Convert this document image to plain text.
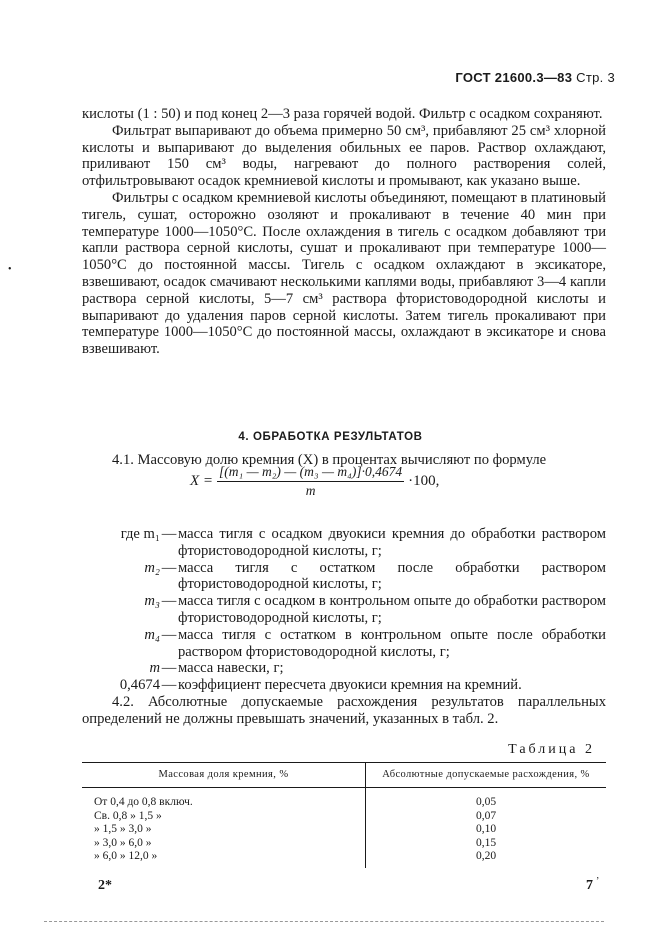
ГОСТ 21600.3—83 Стр. 3

кислоты (1 : 50) и под конец 2—3 раза горячей водой. Фильтр с осадком сохраняют.

Фильтрат выпаривают до объема примерно 50 см³, прибавляют 25 см³ хлорной кислоты и выпаривают до выделения обильных ее паров. Раствор охлаждают, приливают 150 см³ воды, нагревают до полного растворения солей, отфильтровывают осадок кремниевой кислоты и промывают, как указано выше.

Фильтры с осадком кремниевой кислоты объединяют, помещают в платиновый тигель, сушат, осторожно озоляют и прокаливают в течение 40 мин при температуре 1000—1050°С. После охлаждения в тигель с осадком добавляют три капли раствора серной кислоты, сушат и прокаливают при температуре 1000—1050°С до постоянной массы. Тигель с осадком охлаждают в эксикаторе, взвешивают, осадок смачивают несколькими каплями воды, прибавляют 3—4 капли раствора серной кислоты, 5—7 см³ раствора фтористоводородной кислоты и выпаривают до удаления паров серной кислоты. Затем тигель прокаливают при температуре 1000—1050°С до постоянной массы, охлаждают в эксикаторе и снова взвешивают.

4. ОБРАБОТКА РЕЗУЛЬТАТОВ

4.1. Массовую долю кремния (X) в процентах вычисляют по формуле

$X = \frac{\text{[(m₁ — m₂) — (m₃ — m₄)]·0,4674}}{m} \cdot 100$,
где m₁ — масса тигля с осадком двуокиси кремния до обработки раствором фтористоводородной кислоты, г;
m₂ — масса тигля с остатком после обработки раствором фтористоводородной кислоты, г;
m₃ — масса тигля с осадком в контрольном опыте до обработки раствором фтористоводородной кислоты, г;
m₄ — масса тигля с остатком в контрольном опыте после обработки раствором фтористоводородной кислоты, г;
m — масса навески, г;
0,4674 — коэффициент пересчета двуокиси кремния на кремний.

4.2. Абсолютные допускаемые расхождения результатов параллельных определений не должны превышать значений, указанных в табл. 2.

Таблица 2
Массовая доля кремния, %	Абсолютные допускаемые расхождения, %
От 0,4 до 0,8 включ.	0,05
Св. 0,8 » 1,5 »	0,07
» 1,5 » 3,0 »	0,10
» 3,0 » 6,0 »	0,15
» 6,0 » 12,0 »	0,20
2*	7
•
’
